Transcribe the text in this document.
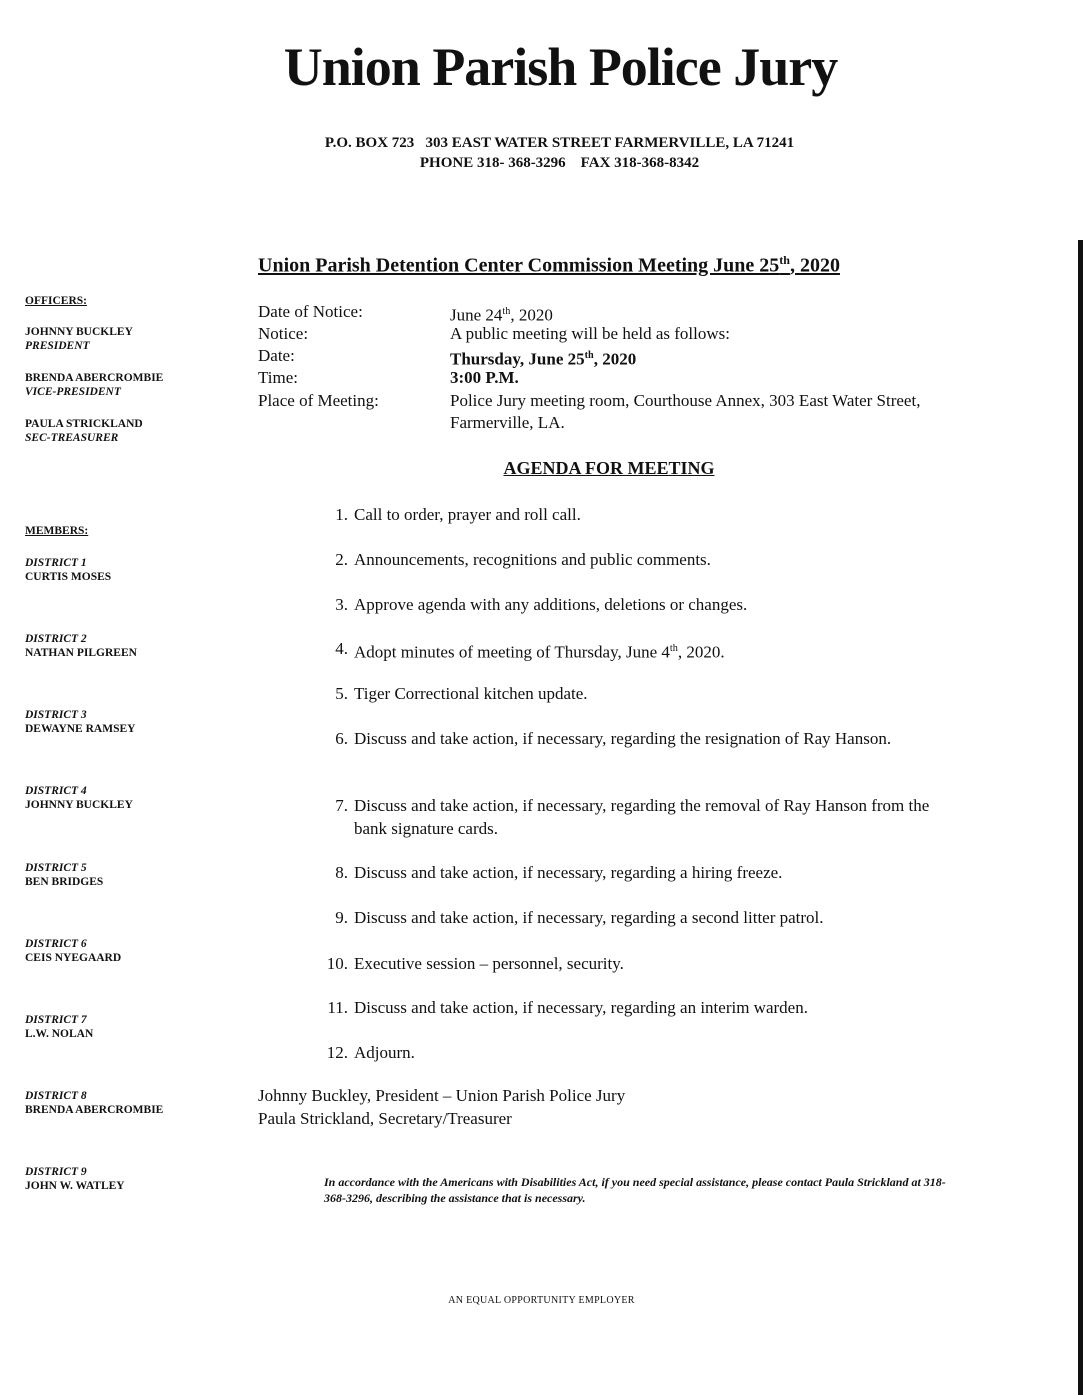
Union Parish Police Jury
P.O. BOX 723   303 EAST WATER STREET FARMERVILLE, LA 71241
PHONE 318- 368-3296    FAX 318-368-8342
Union Parish Detention Center Commission Meeting June 25th, 2020
OFFICERS:
JOHNNY BUCKLEY
PRESIDENT
BRENDA ABERCROMBIE
VICE-PRESIDENT
PAULA STRICKLAND
SEC-TREASURER
MEMBERS:
DISTRICT 1
CURTIS MOSES
DISTRICT 2
NATHAN PILGREEN
DISTRICT 3
DEWAYNE RAMSEY
DISTRICT 4
JOHNNY BUCKLEY
DISTRICT 5
BEN BRIDGES
DISTRICT 6
CEIS NYEGAARD
DISTRICT 7
L.W. NOLAN
DISTRICT 8
BRENDA ABERCROMBIE
DISTRICT 9
JOHN W. WATLEY
Date of Notice:	June 24th, 2020
Notice:	A public meeting will be held as follows:
Date:	Thursday, June 25th, 2020
Time:	3:00 P.M.
Place of Meeting:	Police Jury meeting room, Courthouse Annex, 303 East Water Street, Farmerville, LA.
AGENDA FOR MEETING
1. Call to order, prayer and roll call.
2. Announcements, recognitions and public comments.
3. Approve agenda with any additions, deletions or changes.
4. Adopt minutes of meeting of Thursday, June 4th, 2020.
5. Tiger Correctional kitchen update.
6. Discuss and take action, if necessary, regarding the resignation of Ray Hanson.
7. Discuss and take action, if necessary, regarding the removal of Ray Hanson from the bank signature cards.
8. Discuss and take action, if necessary, regarding a hiring freeze.
9. Discuss and take action, if necessary, regarding a second litter patrol.
10. Executive session – personnel, security.
11. Discuss and take action, if necessary, regarding an interim warden.
12. Adjourn.
Johnny Buckley, President – Union Parish Police Jury
Paula Strickland, Secretary/Treasurer
In accordance with the Americans with Disabilities Act, if you need special assistance, please contact Paula Strickland at 318-368-3296, describing the assistance that is necessary.
AN EQUAL OPPORTUNITY EMPLOYER
